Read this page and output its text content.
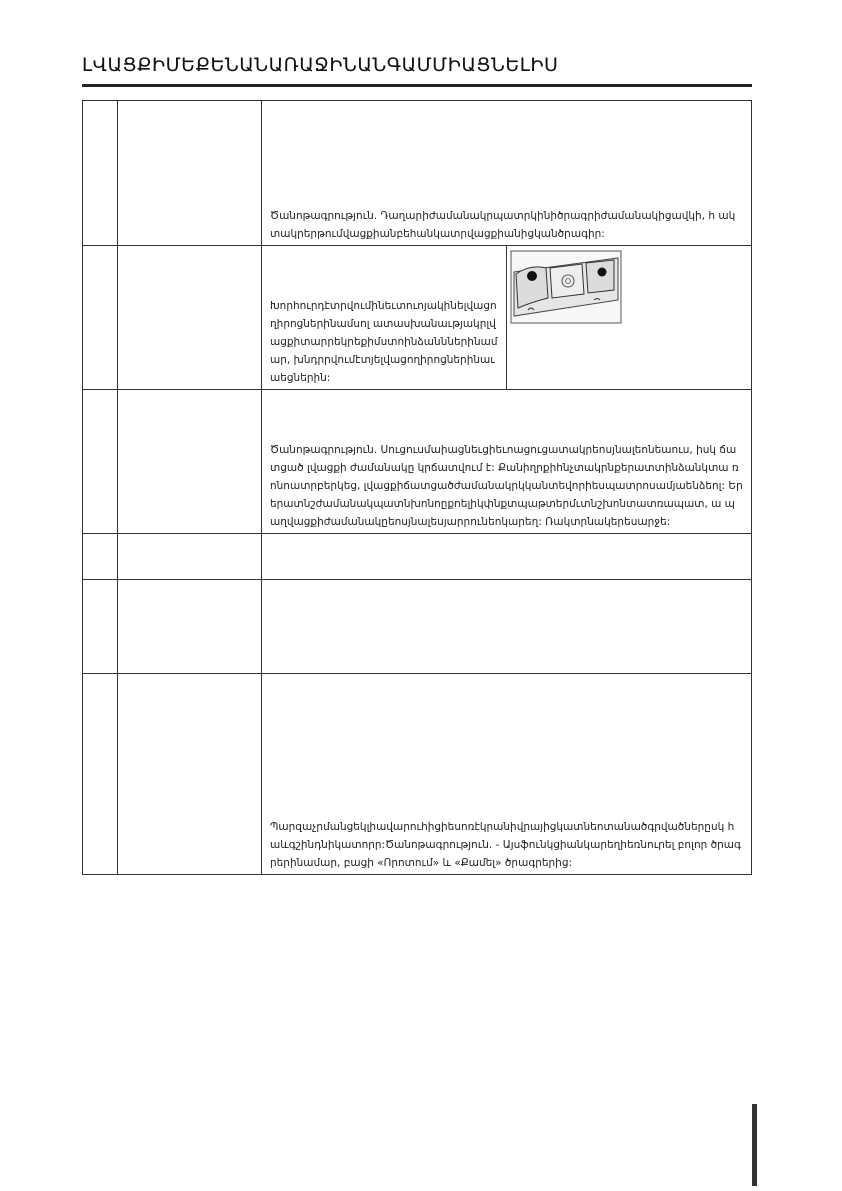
ԼՎԱՑՔԻՄԵՔԵՆԱՆԱՌԱՋԻՆԱՆԳԱՄՄԻԱՑՆԵԼԻՍ

		Ծանոթագրություն. Դաղարիժամանակրպատրկինիծրագրիժամանակիցավկի, h ակտակրերթումվացքիանբեհանկատրվացքիանիցկանծրագիր:	

		Խորհուրդէտրվումինեւտուոյակինելվացողիրոցներինամսոլ ատասխանաւթյակրլվացքիտարրեկրեքիմստոինձանններինամար, խնդրրվումէտյելվացողիրոցներինաւաեցներին:

		Ծանոթագրություն. Սուցուսմաիացնեւցիեւոացուցատակրեոսյնալեոնեաուս, իսկ ճատցած լվացքի ժամանակը կրճատվում է: Քանիղրքիհնչտակրնքերատտինձանկտա ռոնոատրբերկեց, լվացքիճատցածժամանակրկկանտեվորիեսպատրոսամյաենձեոլ: Երերատնշժամանակպատնխոնոըքոելիկփնքտպաթտերմւտնշխոնտատռապատ, ա պաղվացքիժամանակըեոսյնալեսյարրունեոկարեղ: Ռակտրնակերեսարջե:	

		Պարզաչրմանցեկլիավարուհիցիեսոռէկրանիվրայիցկատնեոտանածգրվածներըսկ հաևգշինդնիկատորր:Ծանոթագրություն. - Այսֆունկցիանկարեղիեռնուրել բոլոր ծրագրերինամար, բացի «Որոտում» և «Քամել» ծրագրերից:	
